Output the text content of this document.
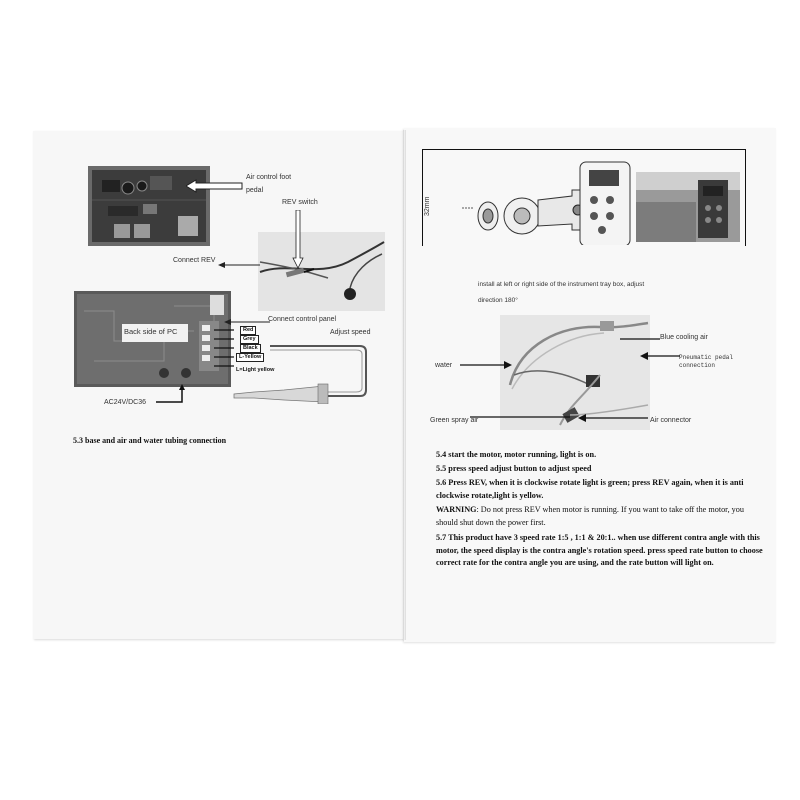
Air control foot
pedal
REV switch
Connect REV
Back side of PC
Connect control panel
Adjust speed
Red
Grey
Black
L-Yellow
L=Light yellow
AC24V/DC36
5.3 base and air and water tubing connection
32mm
install at left or right side of the instrument tray box, adjust
direction 180°
Blue cooling air
water
Pneumatic pedal
connection
Green spray air	Air connector
5.4 start the motor, motor running, light is on.
5.5 press speed adjust button to adjust speed
5.6 Press REV, when it is clockwise rotate light is green; press REV again, when it is anti clockwise rotate,light is yellow.
WARNING: Do not press REV when motor is running. If you want to take off the motor, you should shut down the power first.
5.7 This product have 3 speed rate 1:5 , 1:1 & 20:1.. when use different contra angle with this motor, the speed display is the contra angle's rotation speed. press speed rate button to choose correct rate for the contra angle you are using, and the rate button will light on.
